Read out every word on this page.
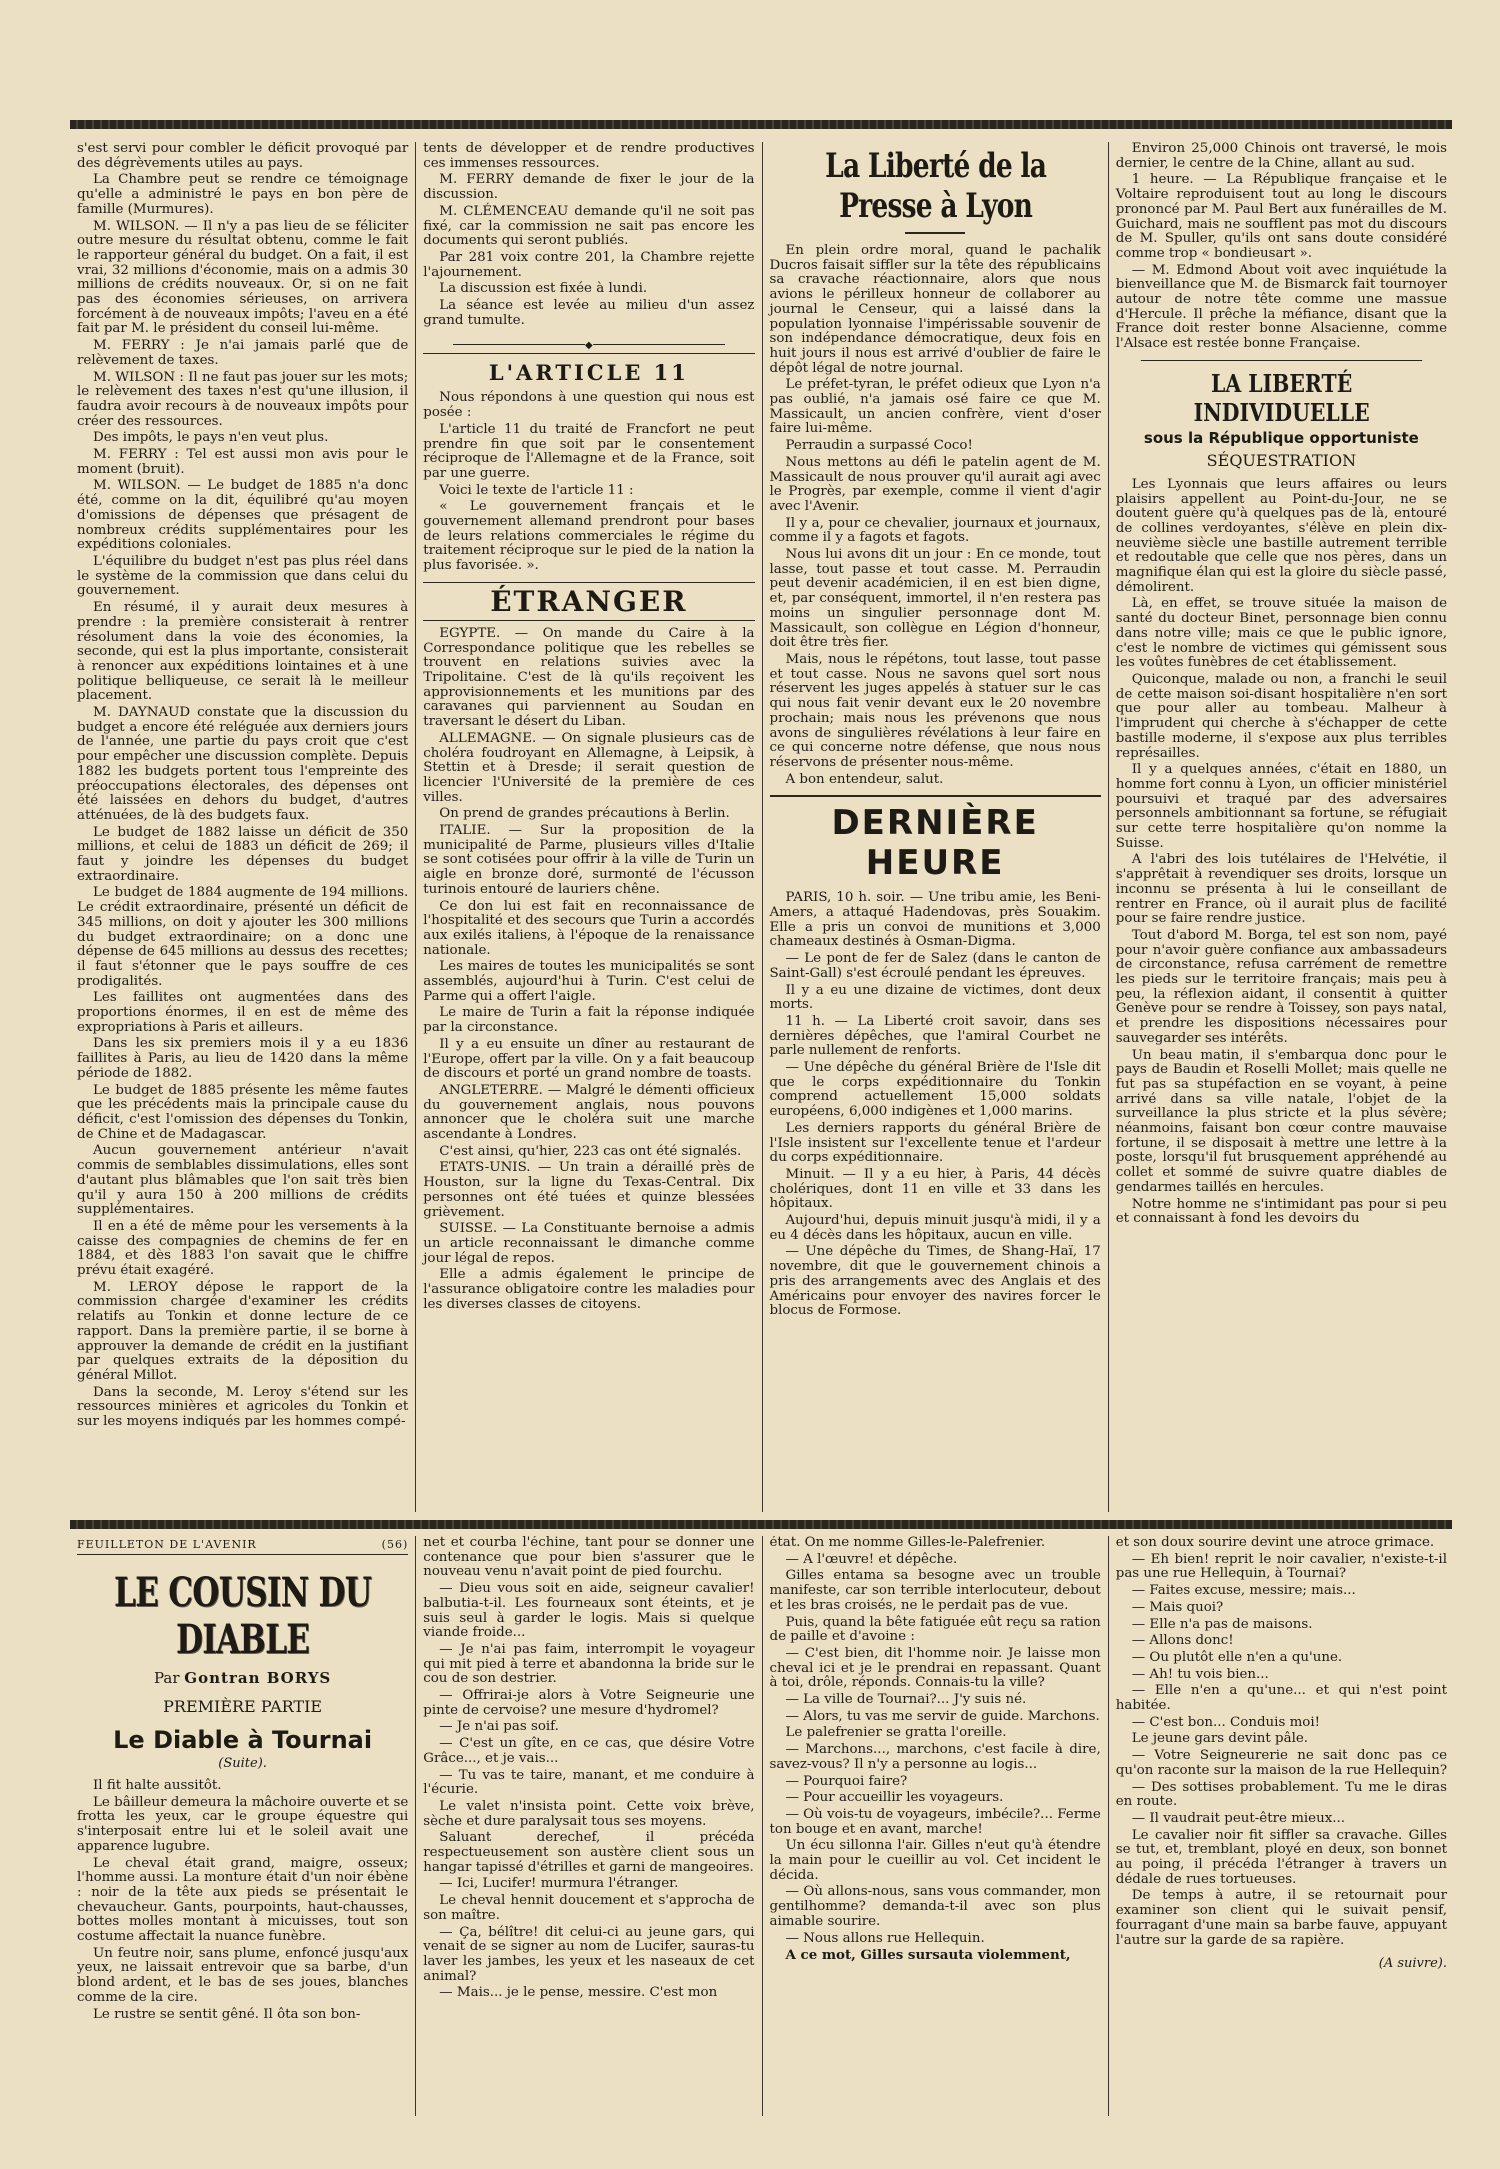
s'est servi pour combler le déficit provoqué par des dégrèvements utiles au pays.

La Chambre peut se rendre ce témoignage qu'elle a administré le pays en bon père de famille (Murmures).

M. WILSON. — Il n'y a pas lieu de se féliciter outre mesure du résultat obtenu, comme le fait le rapporteur général du budget. On a fait, il est vrai, 32 millions d'économie, mais on a admis 30 millions de crédits nouveaux. Or, si on ne fait pas des économies sérieuses, on arrivera forcément à de nouveaux impôts; l'aveu en a été fait par M. le président du conseil lui-même.

M. FERRY : Je n'ai jamais parlé que de relèvement de taxes.

M. WILSON : Il ne faut pas jouer sur les mots; le relèvement des taxes n'est qu'une illusion, il faudra avoir recours à de nouveaux impôts pour créer des ressources.

Des impôts, le pays n'en veut plus.

M. FERRY : Tel est aussi mon avis pour le moment (bruit).

M. WILSON. — Le budget de 1885 n'a donc été, comme on la dit, équilibré qu'au moyen d'omissions de dépenses que présagent de nombreux crédits supplémentaires pour les expéditions coloniales.

L'équilibre du budget n'est pas plus réel dans le système de la commission que dans celui du gouvernement.

En résumé, il y aurait deux mesures à prendre : la première consisterait à rentrer résolument dans la voie des économies, la seconde, qui est la plus importante, consisterait à renoncer aux expéditions lointaines et à une politique belliqueuse, ce serait là le meilleur placement.

M. DAYNAUD constate que la discussion du budget a encore été reléguée aux derniers jours de l'année, une partie du pays croit que c'est pour empêcher une discussion complète. Depuis 1882 les budgets portent tous l'empreinte des préoccupations électorales, des dépenses ont été laissées en dehors du budget, d'autres atténuées, de là des budgets faux.

Le budget de 1882 laisse un déficit de 350 millions, et celui de 1883 un déficit de 269; il faut y joindre les dépenses du budget extraordinaire.

Le budget de 1884 augmente de 194 millions. Le crédit extraordinaire, présenté un déficit de 345 millions, on doit y ajouter les 300 millions du budget extraordinaire; on a donc une dépense de 645 millions au dessus des recettes; il faut s'étonner que le pays souffre de ces prodigalités.

Les faillites ont augmentées dans des proportions énormes, il en est de même des expropriations à Paris et ailleurs.

Dans les six premiers mois il y a eu 1836 faillites à Paris, au lieu de 1420 dans la même période de 1882.

Le budget de 1885 présente les même fautes que les précédents mais la principale cause du déficit, c'est l'omission des dépenses du Tonkin, de Chine et de Madagascar.

Aucun gouvernement antérieur n'avait commis de semblables dissimulations, elles sont d'autant plus blâmables que l'on sait très bien qu'il y aura 150 à 200 millions de crédits supplémentaires.

Il en a été de même pour les versements à la caisse des compagnies de chemins de fer en 1884, et dès 1883 l'on savait que le chiffre prévu était exagéré.

M. LEROY dépose le rapport de la commission chargée d'examiner les crédits relatifs au Tonkin et donne lecture de ce rapport. Dans la première partie, il se borne à approuver la demande de crédit en la justifiant par quelques extraits de la déposition du général Millot.

Dans la seconde, M. Leroy s'étend sur les ressources minières et agricoles du Tonkin et sur les moyens indiqués par les hommes compé-

tents de développer et de rendre productives ces immenses ressources.

M. FERRY demande de fixer le jour de la discussion.

M. CLÉMENCEAU demande qu'il ne soit pas fixé, car la commission ne sait pas encore les documents qui seront publiés.

Par 281 voix contre 201, la Chambre rejette l'ajournement.

La discussion est fixée à lundi.

La séance est levée au milieu d'un assez grand tumulte.

◆
L'ARTICLE 11

Nous répondons à une question qui nous est posée :

L'article 11 du traité de Francfort ne peut prendre fin que soit par le consentement réciproque de l'Allemagne et de la France, soit par une guerre.

Voici le texte de l'article 11 :

« Le gouvernement français et le gouvernement allemand prendront pour bases de leurs relations commerciales le régime du traitement réciproque sur le pied de la nation la plus favorisée. ».

ÉTRANGER

EGYPTE. — On mande du Caire à la Correspondance politique que les rebelles se trouvent en relations suivies avec la Tripolitaine. C'est de là qu'ils reçoivent les approvisionnements et les munitions par des caravanes qui parviennent au Soudan en traversant le désert du Liban.

ALLEMAGNE. — On signale plusieurs cas de choléra foudroyant en Allemagne, à Leipsik, à Stettin et à Dresde; il serait question de licencier l'Université de la première de ces villes.

On prend de grandes précautions à Berlin.

ITALIE. — Sur la proposition de la municipalité de Parme, plusieurs villes d'Italie se sont cotisées pour offrir à la ville de Turin un aigle en bronze doré, surmonté de l'écusson turinois entouré de lauriers chêne.

Ce don lui est fait en reconnaissance de l'hospitalité et des secours que Turin a accordés aux exilés italiens, à l'époque de la renaissance nationale.

Les maires de toutes les municipalités se sont assemblés, aujourd'hui à Turin. C'est celui de Parme qui a offert l'aigle.

Le maire de Turin a fait la réponse indiquée par la circonstance.

Il y a eu ensuite un dîner au restaurant de l'Europe, offert par la ville. On y a fait beaucoup de discours et porté un grand nombre de toasts.

ANGLETERRE. — Malgré le démenti officieux du gouvernement anglais, nous pouvons annoncer que le choléra suit une marche ascendante à Londres.

C'est ainsi, qu'hier, 223 cas ont été signalés.

ETATS-UNIS. — Un train a déraillé près de Houston, sur la ligne du Texas-Central. Dix personnes ont été tuées et quinze blessées grièvement.

SUISSE. — La Constituante bernoise a admis un article reconnaissant le dimanche comme jour légal de repos.

Elle a admis également le principe de l'assurance obligatoire contre les maladies pour les diverses classes de citoyens.

La Liberté de la Presse à Lyon

En plein ordre moral, quand le pachalik Ducros faisait siffler sur la tête des républicains sa cravache réactionnaire, alors que nous avions le périlleux honneur de collaborer au journal le Censeur, qui a laissé dans la population lyonnaise l'impérissable souvenir de son indépendance démocratique, deux fois en huit jours il nous est arrivé d'oublier de faire le dépôt légal de notre journal.

Le préfet-tyran, le préfet odieux que Lyon n'a pas oublié, n'a jamais osé faire ce que M. Massicault, un ancien confrère, vient d'oser faire lui-même.

Perraudin a surpassé Coco!

Nous mettons au défi le patelin agent de M. Massicault de nous prouver qu'il aurait agi avec le Progrès, par exemple, comme il vient d'agir avec l'Avenir.

Il y a, pour ce chevalier, journaux et journaux, comme il y a fagots et fagots.

Nous lui avons dit un jour : En ce monde, tout lasse, tout passe et tout casse. M. Perraudin peut devenir académicien, il en est bien digne, et, par conséquent, immortel, il n'en restera pas moins un singulier personnage dont M. Massicault, son collègue en Légion d'honneur, doit être très fier.

Mais, nous le répétons, tout lasse, tout passe et tout casse. Nous ne savons quel sort nous réservent les juges appelés à statuer sur le cas qui nous fait venir devant eux le 20 novembre prochain; mais nous les prévenons que nous avons de singulières révélations à leur faire en ce qui concerne notre défense, que nous nous réservons de présenter nous-même.

A bon entendeur, salut.

DERNIÈRE HEURE

PARIS, 10 h. soir. — Une tribu amie, les Beni-Amers, a attaqué Hadendovas, près Souakim. Elle a pris un convoi de munitions et 3,000 chameaux destinés à Osman-Digma.

— Le pont de fer de Salez (dans le canton de Saint-Gall) s'est écroulé pendant les épreuves.

Il y a eu une dizaine de victimes, dont deux morts.

11 h. — La Liberté croit savoir, dans ses dernières dépêches, que l'amiral Courbet ne parle nullement de renforts.

— Une dépêche du général Brière de l'Isle dit que le corps expéditionnaire du Tonkin comprend actuellement 15,000 soldats européens, 6,000 indigènes et 1,000 marins.

Les derniers rapports du général Brière de l'Isle insistent sur l'excellente tenue et l'ardeur du corps expéditionnaire.

Minuit. — Il y a eu hier, à Paris, 44 décès cholériques, dont 11 en ville et 33 dans les hôpitaux.

Aujourd'hui, depuis minuit jusqu'à midi, il y a eu 4 décès dans les hôpitaux, aucun en ville.

— Une dépêche du Times, de Shang-Haï, 17 novembre, dit que le gouvernement chinois a pris des arrangements avec des Anglais et des Américains pour envoyer des navires forcer le blocus de Formose.

Environ 25,000 Chinois ont traversé, le mois dernier, le centre de la Chine, allant au sud.

1 heure. — La République française et le Voltaire reproduisent tout au long le discours prononcé par M. Paul Bert aux funérailles de M. Guichard, mais ne soufflent pas mot du discours de M. Spuller, qu'ils ont sans doute considéré comme trop « bondieusart ».

— M. Edmond About voit avec inquiétude la bienveillance que M. de Bismarck fait tournoyer autour de notre tête comme une massue d'Hercule. Il prêche la méfiance, disant que la France doit rester bonne Alsacienne, comme l'Alsace est restée bonne Française.

LA LIBERTÉ INDIVIDUELLE
sous la République opportuniste
SÉQUESTRATION

Les Lyonnais que leurs affaires ou leurs plaisirs appellent au Point-du-Jour, ne se doutent guère qu'à quelques pas de là, entouré de collines verdoyantes, s'élève en plein dix-neuvième siècle une bastille autrement terrible et redoutable que celle que nos pères, dans un magnifique élan qui est la gloire du siècle passé, démolirent.

Là, en effet, se trouve située la maison de santé du docteur Binet, personnage bien connu dans notre ville; mais ce que le public ignore, c'est le nombre de victimes qui gémissent sous les voûtes funèbres de cet établissement.

Quiconque, malade ou non, a franchi le seuil de cette maison soi-disant hospitalière n'en sort que pour aller au tombeau. Malheur à l'imprudent qui cherche à s'échapper de cette bastille moderne, il s'expose aux plus terribles représailles.

Il y a quelques années, c'était en 1880, un homme fort connu à Lyon, un officier ministériel poursuivi et traqué par des adversaires personnels ambitionnant sa fortune, se réfugiait sur cette terre hospitalière qu'on nomme la Suisse.

A l'abri des lois tutélaires de l'Helvétie, il s'apprêtait à revendiquer ses droits, lorsque un inconnu se présenta à lui le conseillant de rentrer en France, où il aurait plus de facilité pour se faire rendre justice.

Tout d'abord M. Borga, tel est son nom, payé pour n'avoir guère confiance aux ambassadeurs de circonstance, refusa carrément de remettre les pieds sur le territoire français; mais peu à peu, la réflexion aidant, il consentit à quitter Genève pour se rendre à Toissey, son pays natal, et prendre les dispositions nécessaires pour sauvegarder ses intérêts.

Un beau matin, il s'embarqua donc pour le pays de Baudin et Roselli Mollet; mais quelle ne fut pas sa stupéfaction en se voyant, à peine arrivé dans sa ville natale, l'objet de la surveillance la plus stricte et la plus sévère; néanmoins, faisant bon cœur contre mauvaise fortune, il se disposait à mettre une lettre à la poste, lorsqu'il fut brusquement appréhendé au collet et sommé de suivre quatre diables de gendarmes taillés en hercules.

Notre homme ne s'intimidant pas pour si peu et connaissant à fond les devoirs du

FEUILLETON DE L'AVENIR	(56)
LE COUSIN DU DIABLE
Par Gontran BORYS
PREMIÈRE PARTIE
Le Diable à Tournai
(Suite).

Il fit halte aussitôt.

Le bâilleur demeura la mâchoire ouverte et se frotta les yeux, car le groupe équestre qui s'interposait entre lui et le soleil avait une apparence lugubre.

Le cheval était grand, maigre, osseux; l'homme aussi. La monture était d'un noir ébène : noir de la tête aux pieds se présentait le chevaucheur. Gants, pourpoints, haut-chausses, bottes molles montant à micuisses, tout son costume affectait la nuance funèbre.

Un feutre noir, sans plume, enfoncé jusqu'aux yeux, ne laissait entrevoir que sa barbe, d'un blond ardent, et le bas de ses joues, blanches comme de la cire.

Le rustre se sentit gêné. Il ôta son bon-

net et courba l'échine, tant pour se donner une contenance que pour bien s'assurer que le nouveau venu n'avait point de pied fourchu.

— Dieu vous soit en aide, seigneur cavalier! balbutia-t-il. Les fourneaux sont éteints, et je suis seul à garder le logis. Mais si quelque viande froide...

— Je n'ai pas faim, interrompit le voyageur qui mit pied à terre et abandonna la bride sur le cou de son destrier.

— Offrirai-je alors à Votre Seigneurie une pinte de cervoise? une mesure d'hydromel?

— Je n'ai pas soif.

— C'est un gîte, en ce cas, que désire Votre Grâce..., et je vais...

— Tu vas te taire, manant, et me conduire à l'écurie.

Le valet n'insista point. Cette voix brève, sèche et dure paralysait tous ses moyens.

Saluant derechef, il précéda respectueusement son austère client sous un hangar tapissé d'étrilles et garni de mangeoires.

— Ici, Lucifer! murmura l'étranger.

Le cheval hennit doucement et s'approcha de son maître.

— Ça, bélître! dit celui-ci au jeune gars, qui venait de se signer au nom de Lucifer, sauras-tu laver les jambes, les yeux et les naseaux de cet animal?

— Mais... je le pense, messire. C'est mon

état. On me nomme Gilles-le-Palefrenier.

— A l'œuvre! et dépêche.

Gilles entama sa besogne avec un trouble manifeste, car son terrible interlocuteur, debout et les bras croisés, ne le perdait pas de vue.

Puis, quand la bête fatiguée eût reçu sa ration de paille et d'avoine :

— C'est bien, dit l'homme noir. Je laisse mon cheval ici et je le prendrai en repassant. Quant à toi, drôle, réponds. Connais-tu la ville?

— La ville de Tournai?... J'y suis né.

— Alors, tu vas me servir de guide. Marchons.

Le palefrenier se gratta l'oreille.

— Marchons..., marchons, c'est facile à dire, savez-vous? Il n'y a personne au logis...

— Pourquoi faire?

— Pour accueillir les voyageurs.

— Où vois-tu de voyageurs, imbécile?... Ferme ton bouge et en avant, marche!

Un écu sillonna l'air. Gilles n'eut qu'à étendre la main pour le cueillir au vol. Cet incident le décida.

— Où allons-nous, sans vous commander, mon gentilhomme? demanda-t-il avec son plus aimable sourire.

— Nous allons rue Hellequin.

A ce mot, Gilles sursauta violemment,

et son doux sourire devint une atroce grimace.

— Eh bien! reprit le noir cavalier, n'existe-t-il pas une rue Hellequin, à Tournai?

— Faites excuse, messire; mais...

— Mais quoi?

— Elle n'a pas de maisons.

— Allons donc!

— Ou plutôt elle n'en a qu'une.

— Ah! tu vois bien...

— Elle n'en a qu'une... et qui n'est point habitée.

— C'est bon... Conduis moi!

Le jeune gars devint pâle.

— Votre Seigneurerie ne sait donc pas ce qu'on raconte sur la maison de la rue Hellequin?

— Des sottises probablement. Tu me le diras en route.

— Il vaudrait peut-être mieux...

Le cavalier noir fit siffler sa cravache. Gilles se tut, et, tremblant, ployé en deux, son bonnet au poing, il précéda l'étranger à travers un dédale de rues tortueuses.

De temps à autre, il se retournait pour examiner son client qui le suivait pensif, fourragant d'une main sa barbe fauve, appuyant l'autre sur la garde de sa rapière.

(A suivre).
